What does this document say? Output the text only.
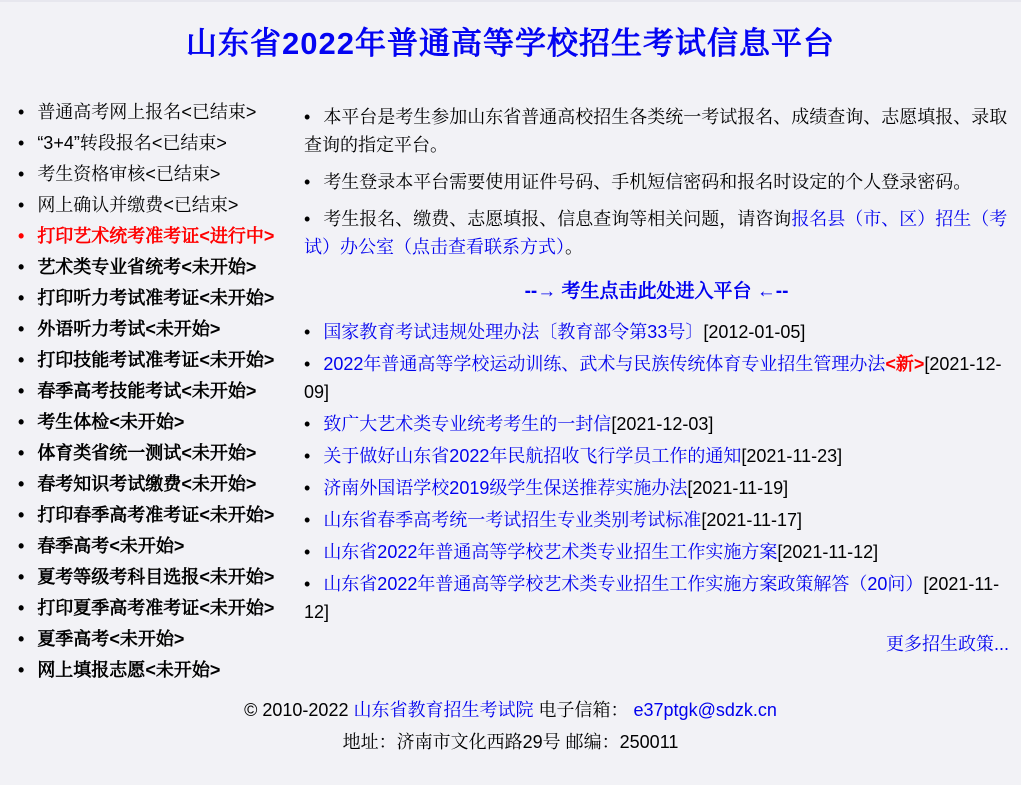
山东省2022年普通高等学校招生考试信息平台
• 普通高考网上报名<已结束>
• “3+4”转段报名<已结束>
• 考生资格审核<已结束>
• 网上确认并缴费<已结束>
• 打印艺术统考准考证<进行中>
• 艺术类专业省统考<未开始>
• 打印听力考试准考证<未开始>
• 外语听力考试<未开始>
• 打印技能考试准考证<未开始>
• 春季高考技能考试<未开始>
• 考生体检<未开始>
• 体育类省统一测试<未开始>
• 春考知识考试缴费<未开始>
• 打印春季高考准考证<未开始>
• 春季高考<未开始>
• 夏考等级考科目选报<未开始>
• 打印夏季高考准考证<未开始>
• 夏季高考<未开始>
• 网上填报志愿<未开始>
• 本平台是考生参加山东省普通高校招生各类统一考试报名、成绩查询、志愿填报、录取查询的指定平台。
• 考生登录本平台需要使用证件号码、手机短信密码和报名时设定的个人登录密码。
• 考生报名、缴费、志愿填报、信息查询等相关问题，请咨询报名县（市、区）招生（考试）办公室（点击查看联系方式）。
--→ 考生点击此处进入平台 ←--
• 国家教育考试违规处理办法〔教育部令第33号〕[2012-01-05]
• 2022年普通高等学校运动训练、武术与民族传统体育专业招生管理办法<新>[2021-12-09]
• 致广大艺术类专业统考考生的一封信[2021-12-03]
• 关于做好山东省2022年民航招收飞行学员工作的通知[2021-11-23]
• 济南外国语学校2019级学生保送推荐实施办法[2021-11-19]
• 山东省春季高考统一考试招生专业类别考试标准[2021-11-17]
• 山东省2022年普通高等学校艺术类专业招生工作实施方案[2021-11-12]
• 山东省2022年普通高等学校艺术类专业招生工作实施方案政策解答（20问）[2021-11-12]
更多招生政策...
© 2010-2022 山东省教育招生考试院 电子信箱： e37ptgk@sdzk.cn
地址：济南市文化西路29号 邮编：250011
